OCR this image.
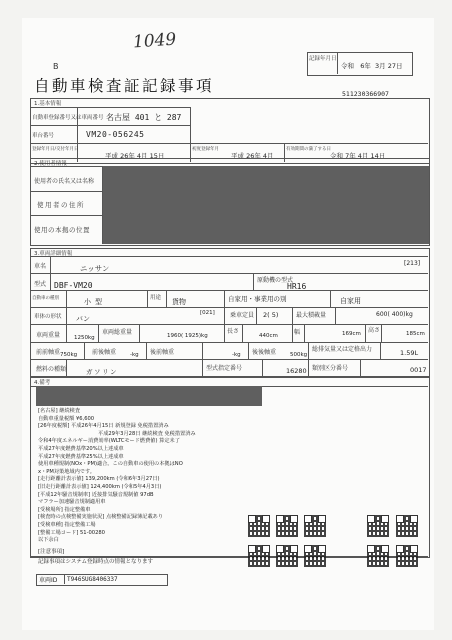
1049
B
記録年月日
令和 6年 3月 27日
自動車検査証記録事項	511230366907
1.基本情報
自動車登録番号又は車両番号 名古屋 401 と 287
車台番号	VM20-056245
登録年月日/交付年月日
平成 26年 4月 15日
初度登録年月
平成 26年 4月
有効期間の満了する日
令和 7年 4月 14日
2.使用者情報
使用者の氏名又は名称
使用者の住所
使用の本拠の位置
3.車両詳細情報
車名	ニッサン
[213]
型式 DBF-VM20
原動機の型式
HR16
自動車の種別	小型	用途 貨物	自家用・事業用の別	自家用
車体の形状 バン
[021]	乗車定員 2( 5)	最大積載量	600( 400)kg
車両重量	1250kg
車両総重量	1960( 1925)kg
長さ
440cm	幅	169cm 高さ	185cm
前前軸重 750kg 前後軸重	-kg 後前軸重	-kg 後後軸重	500kg
総排気量又は定格出力	1.59L
燃料の種類	ガソリン	型式指定番号	16280 類別区分番号	0017
4.備考
[名古屋] 継続検査
自動車重量税額 ¥6,600
[26年度税額] 平成26年4月15日 新規登録 免税措置済み
平成29年3月28日 継続検査 免税措置済み
令和4年度エネルギー消費効率(WLTCモード燃費値) 算定未了
平成27年度燃費基準20%以上達成車
平成27年度燃費基準25%以上達成車
使用車種規制(NOx・PM)適合。この自動車の使用の本拠はNO
x・PM対策地域内です。
[走行距離計表示値] 139,200km (令和6年3月27日)
[旧走行距離計表示値] 124,400km (令和5年4月3日)
[平成12年騒音規制車] 近接排気騒音規制値 97dB
マフラー加速騒音規制適用車
[受検場所] 指定整備車
[検査時の点検整備実施状況] 点検整備記録簿記載あり
[受検車種] 指定整備工場
[整備工場コード] 51-00280
以下余白
[注意事項]
記録事項はシステム登録時点の情報となります
車両ID T946SUG8406337
